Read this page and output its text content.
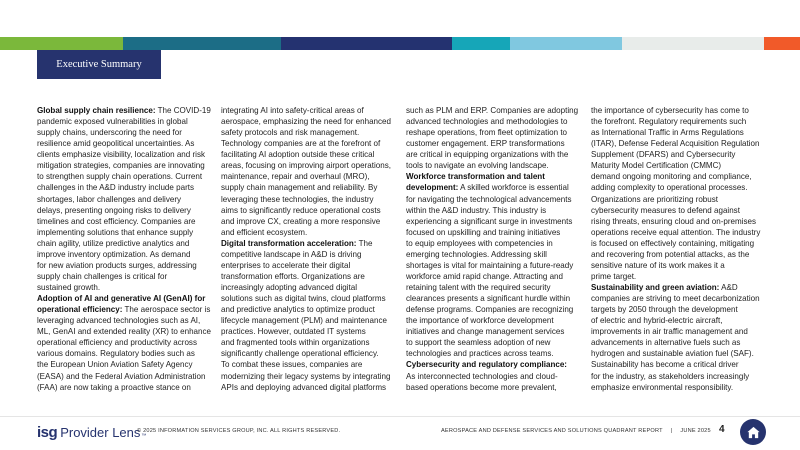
Executive Summary

Global supply chain resilience: The COVID-19
pandemic exposed vulnerabilities in global
supply chains, underscoring the need for
resilience amid geopolitical uncertainties. As
clients emphasize visibility, localization and risk
mitigation strategies, companies are innovating
to strengthen supply chain operations. Current
challenges in the A&D industry include parts
shortages, labor challenges and delivery
delays, presenting ongoing risks to delivery
timelines and cost efficiency. Companies are
implementing solutions that enhance supply
chain agility, utilize predictive analytics and
improve inventory optimization. As demand
for new aviation products surges, addressing
supply chain challenges is critical for
sustained growth.

Adoption of AI and generative AI (GenAI) for
operational efficiency: The aerospace sector is
leveraging advanced technologies such as AI,
ML, GenAI and extended reality (XR) to enhance
operational efficiency and productivity across
various domains. Regulatory bodies such as
the European Union Aviation Safety Agency
(EASA) and the Federal Aviation Administration
(FAA) are now taking a proactive stance on

integrating AI into safety-critical areas of
aerospace, emphasizing the need for enhanced
safety protocols and risk management.
Technology companies are at the forefront of
facilitating AI adoption outside these critical
areas, focusing on improving airport operations,
maintenance, repair and overhaul (MRO),
supply chain management and reliability. By
leveraging these technologies, the industry
aims to significantly reduce operational costs
and improve CX, creating a more responsive
and efficient ecosystem.

Digital transformation acceleration: The
competitive landscape in A&D is driving
enterprises to accelerate their digital
transformation efforts. Organizations are
increasingly adopting advanced digital
solutions such as digital twins, cloud platforms
and predictive analytics to optimize product
lifecycle management (PLM) and maintenance
practices. However, outdated IT systems
and fragmented tools within organizations
significantly challenge operational efficiency.
To combat these issues, companies are
modernizing their legacy systems by integrating
APIs and deploying advanced digital platforms

such as PLM and ERP. Companies are adopting
advanced technologies and methodologies to
reshape operations, from fleet optimization to
customer engagement. ERP transformations
are critical in equipping organizations with the
tools to navigate an evolving landscape.

Workforce transformation and talent
development: A skilled workforce is essential
for navigating the technological advancements
within the A&D industry. This industry is
experiencing a significant surge in investments
focused on upskilling and training initiatives
to equip employees with competencies in
emerging technologies. Addressing skill
shortages is vital for maintaining a future-ready
workforce amid rapid change. Attracting and
retaining talent with the required security
clearances presents a significant hurdle within
defense programs. Companies are recognizing
the importance of workforce development
initiatives and change management services
to support the seamless adoption of new
technologies and practices across teams.

Cybersecurity and regulatory compliance:
As interconnected technologies and cloud-
based operations become more prevalent,

the importance of cybersecurity has come to
the forefront. Regulatory requirements such
as International Traffic in Arms Regulations
(ITAR), Defense Federal Acquisition Regulation
Supplement (DFARS) and Cybersecurity
Maturity Model Certification (CMMC)
demand ongoing monitoring and compliance,
adding complexity to operational processes.
Organizations are prioritizing robust
cybersecurity measures to defend against
rising threats, ensuring cloud and on-premises
operations receive equal attention. The industry
is focused on effectively containing, mitigating
and recovering from potential attacks, as the
sensitive nature of its work makes it a
prime target.

Sustainability and green aviation: A&D
companies are striving to meet decarbonization
targets by 2050 through the development
of electric and hybrid-electric aircraft,
improvements in air traffic management and
advancements in alternative fuels such as
hydrogen and sustainable aviation fuel (SAF).
Sustainability has become a critical driver
for the industry, as stakeholders increasingly
emphasize environmental responsibility.

isg Provider Lens ™
© 2025 INFORMATION SERVICES GROUP, INC. ALL RIGHTS RESERVED.	AEROSPACE AND DEFENSE SERVICES AND SOLUTIONS QUADRANT REPORT | JUNE 2025 4
